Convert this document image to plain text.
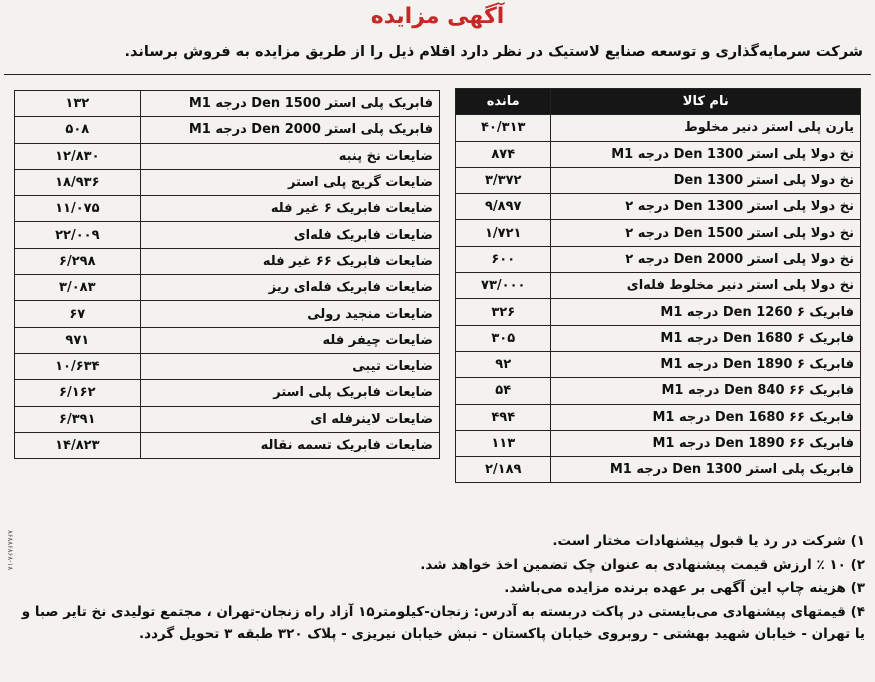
آگهی مزایده
شرکت سرمایه‌گذاری و توسعه صنایع لاستیک در نظر دارد اقلام ذیل را از طریق مزایده به فروش برساند.
نام کالا	مانده
یارن پلی استر دنیر مخلوط	۴۰/۳۱۳
نخ دولا پلی استر 1300 Den درجه M1	۸۷۴
نخ دولا پلی استر 1300 Den	۳/۳۷۲
نخ دولا پلی استر 1300 Den درجه ۲	۹/۸۹۷
نخ دولا پلی استر 1500 Den درجه ۲	۱/۷۲۱
نخ دولا پلی استر 2000 Den درجه ۲	۶۰۰
نخ دولا پلی استر دنیر مخلوط فله‌ای	۷۳/۰۰۰
فابریک ۶ 1260 Den درجه M1	۳۲۶
فابریک ۶ 1680 Den درجه M1	۳۰۵
فابریک ۶ 1890 Den درجه M1	۹۲
فابریک ۶۶ 840 Den درجه M1	۵۴
فابریک ۶۶ 1680 Den درجه M1	۴۹۴
فابریک ۶۶ 1890 Den درجه M1	۱۱۳
فابریک پلی استر 1300 Den درجه M1	۲/۱۸۹
فابریک پلی استر 1500 Den درجه M1	۱۳۲
فابریک پلی استر 2000 Den درجه M1	۵۰۸
ضایعات نخ پنبه	۱۲/۸۳۰
ضایعات گریج پلی استر	۱۸/۹۳۶
ضایعات فابریک ۶ غیر فله	۱۱/۰۷۵
ضایعات فابریک فله‌ای	۲۲/۰۰۹
ضایعات فابریک ۶۶ غیر فله	۶/۲۹۸
ضایعات فابریک فله‌ای ریز	۳/۰۸۳
ضایعات منجید رولی	۶۷
ضایعات چیفر فله	۹۷۱
ضایعات تیبی	۱۰/۶۳۴
ضایعات فابریک پلی استر	۶/۱۶۲
ضایعات لاینرفله ای	۶/۳۹۱
ضایعات فابریک تسمه نقاله	۱۴/۸۲۳
۱) شرکت در رد یا قبول پیشنهادات مختار است.
۲) ۱۰ ٪ ارزش قیمت پیشنهادی به عنوان چک تضمین اخذ خواهد شد.
۳) هزینه چاپ این آگهی بر عهده برنده مزایده می‌باشد.
۴) قیمتهای پیشنهادی می‌بایستی در پاکت دربسته به آدرس: زنجان-کیلومتر۱۵ آزاد راه زنجان-تهران ، مجتمع تولیدی نخ تایر صبا و یا تهران - خیابان شهید بهشتی - روبروی خیابان پاکستان - نبش خیابان نیریزی - پلاک ۳۲۰ طبقه ۳ تحویل گردد.
۸۶۸۸۶۸۶۸-۱۸
